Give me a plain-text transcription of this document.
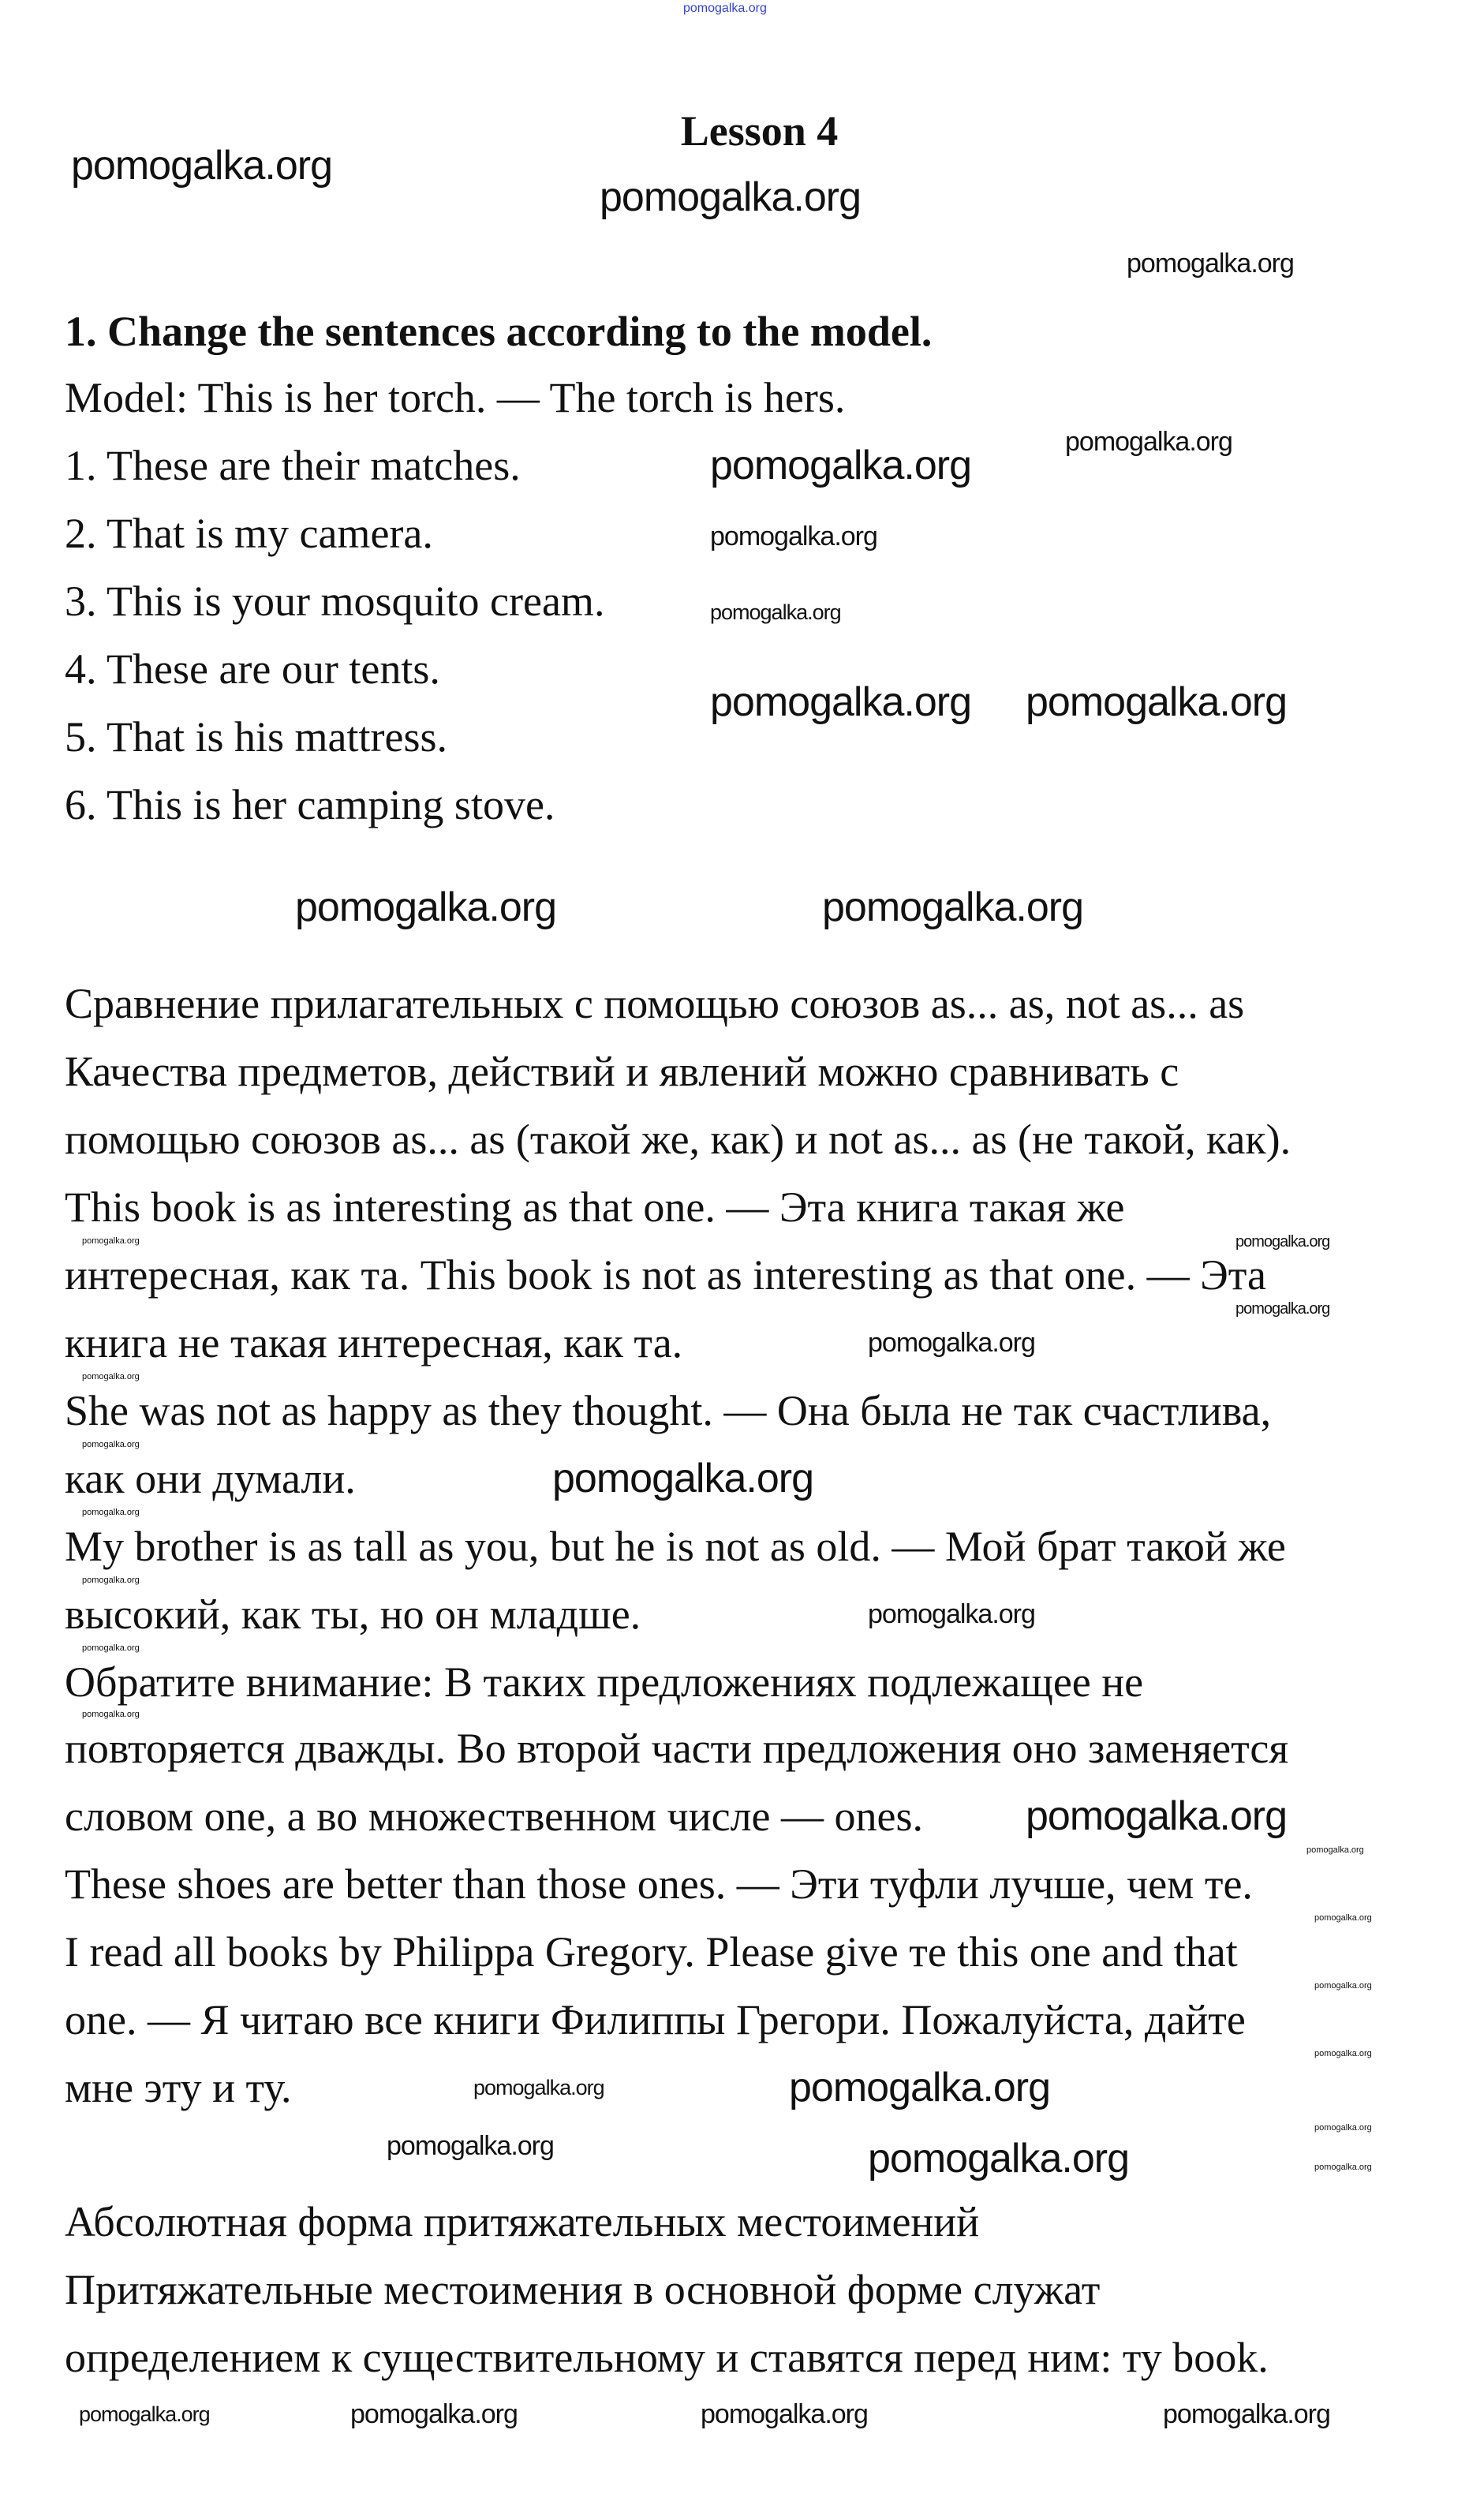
pomogalka.org
Lesson 4
1. Change the sentences according to the model.
Model: This is her torch. — The torch is hers.
1. These are their matches.
2. That is my camera.
3. This is your mosquito cream.
4. These are our tents.
5. That is his mattress.
6. This is her camping stove.
Сравнение прилагательных с помощью союзов as... as, not as... as
Качества предметов, действий и явлений можно сравнивать с
помощью союзов as... as (такой же, как) и not as... as (не такой, как).
This book is as interesting as that one. — Эта книга такая же
интересная, как та. This book is not as interesting as that one. — Эта
книга не такая интересная, как та.
She was not as happy as they thought. — Она была не так счастлива,
как они думали.
My brother is as tall as you, but he is not as old. — Мой брат такой же
высокий, как ты, но он младше.
Обратите внимание: В таких предложениях подлежащее не
повторяется дважды. Во второй части предложения оно заменяется
словом one, а во множественном числе — ones.
These shoes are better than those ones. — Эти туфли лучше, чем те.
I read all books by Philippa Gregory. Please give те this one and that
one. — Я читаю все книги Филиппы Грегори. Пожалуйста, дайте
мне эту и ту.
Абсолютная форма притяжательных местоимений
Притяжательные местоимения в основной форме служат
определением к существительному и ставятся перед ним: ту book.
pomogalka.org
pomogalka.org
pomogalka.org
pomogalka.org
pomogalka.org
pomogalka.org
pomogalka.org
pomogalka.org pomogalka.org
pomogalka.org	pomogalka.org
pomogalka.org
pomogalka.org
pomogalka.org
pomogalka.org
pomogalka.org
pomogalka.org
pomogalka.org
pomogalka.org
pomogalka.org
pomogalka.org
pomogalka.org
pomogalka.org
pomogalka.org
pomogalka.org
pomogalka.org
pomogalka.org
pomogalka.org
pomogalka.org
pomogalka.org
pomogalka.org
pomogalka.org
pomogalka.org
pomogalka.org
pomogalka.org	pomogalka.org	pomogalka.org	pomogalka.org
